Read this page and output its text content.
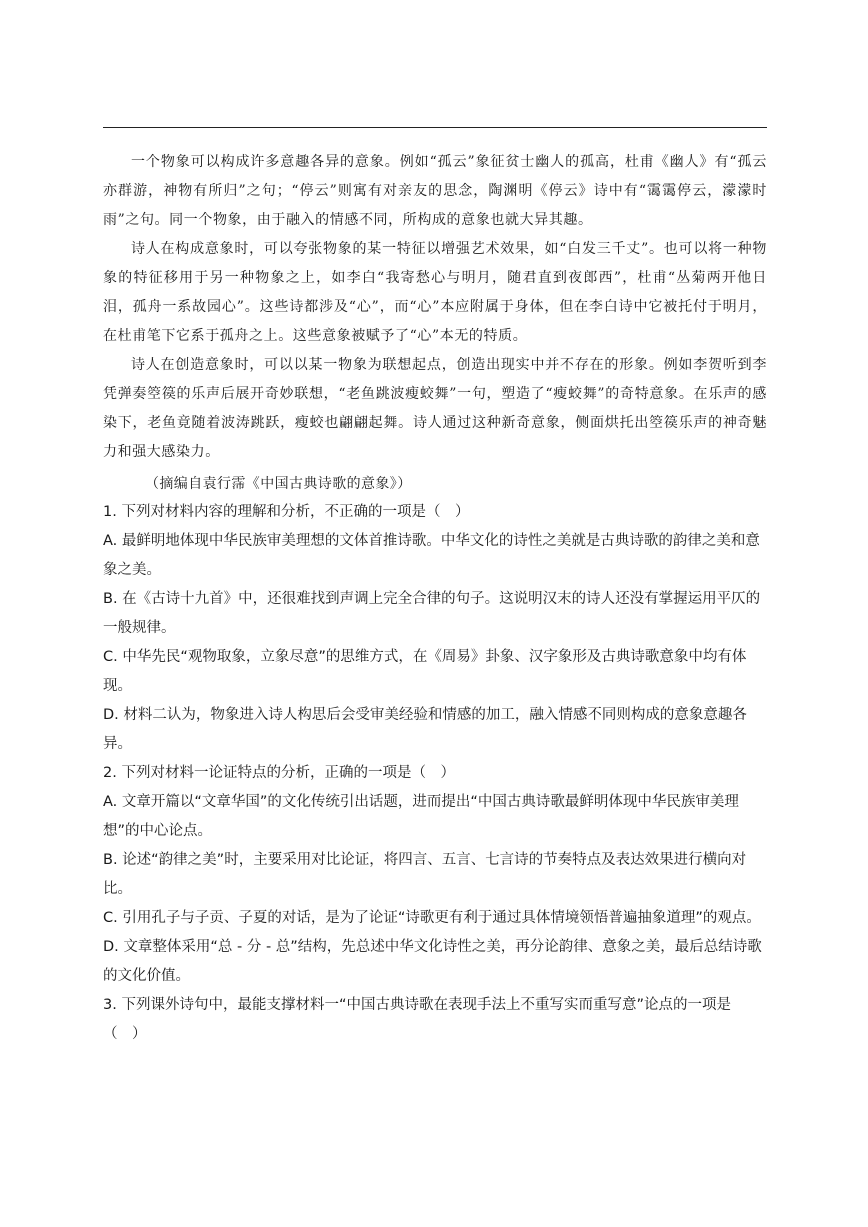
一个物象可以构成许多意趣各异的意象。例如“孤云”象征贫士幽人的孤高，杜甫《幽人》有“孤云亦群游，神物有所归”之句；“停云”则寓有对亲友的思念，陶渊明《停云》诗中有“霭霭停云，濛濛时雨”之句。同一个物象，由于融入的情感不同，所构成的意象也就大异其趣。

诗人在构成意象时，可以夸张物象的某一特征以增强艺术效果，如“白发三千丈”。也可以将一种物象的特征移用于另一种物象之上，如李白“我寄愁心与明月，随君直到夜郎西”，杜甫“丛菊两开他日泪，孤舟一系故园心”。这些诗都涉及“心”，而“心”本应附属于身体，但在李白诗中它被托付于明月，在杜甫笔下它系于孤舟之上。这些意象被赋予了“心”本无的特质。

诗人在创造意象时，可以以某一物象为联想起点，创造出现实中并不存在的形象。例如李贺听到李凭弹奏箜篌的乐声后展开奇妙联想，“老鱼跳波瘦蛟舞”一句，塑造了“瘦蛟舞”的奇特意象。在乐声的感染下，老鱼竟随着波涛跳跃，瘦蛟也翩翩起舞。诗人通过这种新奇意象，侧面烘托出箜篌乐声的神奇魅力和强大感染力。

（摘编自袁行霈《中国古典诗歌的意象》）

1. 下列对材料内容的理解和分析，不正确的一项是（　）

A. 最鲜明地体现中华民族审美理想的文体首推诗歌。中华文化的诗性之美就是古典诗歌的韵律之美和意象之美。

B. 在《古诗十九首》中，还很难找到声调上完全合律的句子。这说明汉末的诗人还没有掌握运用平仄的一般规律。

C. 中华先民“观物取象，立象尽意”的思维方式，在《周易》卦象、汉字象形及古典诗歌意象中均有体现。

D. 材料二认为，物象进入诗人构思后会受审美经验和情感的加工，融入情感不同则构成的意象意趣各异。

2. 下列对材料一论证特点的分析，正确的一项是（　）

A. 文章开篇以“文章华国”的文化传统引出话题，进而提出“中国古典诗歌最鲜明体现中华民族审美理想”的中心论点。

B. 论述“韵律之美”时，主要采用对比论证，将四言、五言、七言诗的节奏特点及表达效果进行横向对比。

C. 引用孔子与子贡、子夏的对话，是为了论证“诗歌更有利于通过具体情境领悟普遍抽象道理”的观点。

D. 文章整体采用“总 - 分 - 总”结构，先总述中华文化诗性之美，再分论韵律、意象之美，最后总结诗歌的文化价值。

3. 下列课外诗句中，最能支撑材料一“中国古典诗歌在表现手法上不重写实而重写意”论点的一项是（　）
